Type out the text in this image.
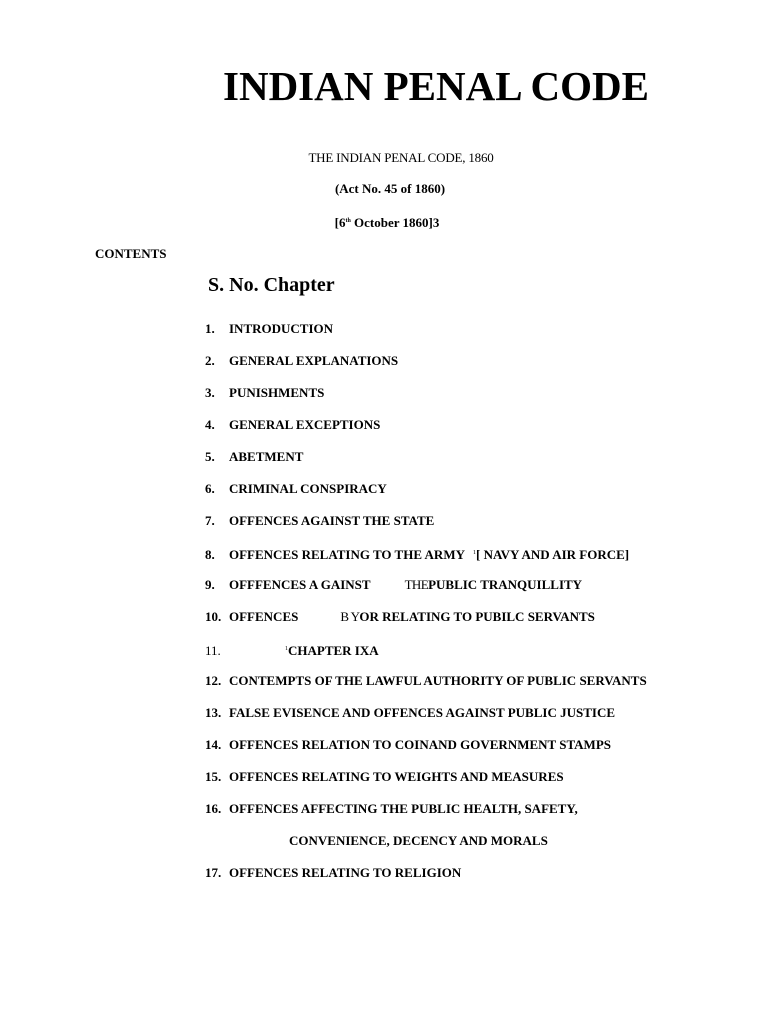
INDIAN PENAL CODE
THE INDIAN PENAL CODE, 1860
(Act No. 45 of 1860)
[6th October 1860]3
CONTENTS
S. No. Chapter
1. INTRODUCTION
2. GENERAL EXPLANATIONS
3. PUNISHMENTS
4. GENERAL EXCEPTIONS
5. ABETMENT
6. CRIMINAL CONSPIRACY
7. OFFENCES AGAINST THE STATE
8. OFFENCES RELATING TO THE ARMY $^1$[ NAVY AND AIR FORCE]
9. OFFFENCES A GAINST	THEPUBLIC TRANQUILLITY
10. OFFENCES	B YOR RELATING TO PUBILC SERVANTS
11.	$^1$CHAPTER IXA
12. CONTEMPTS OF THE LAWFUL AUTHORITY OF PUBLIC SERVANTS
13. FALSE EVISENCE AND OFFENCES AGAINST PUBLIC JUSTICE
14. OFFENCES RELATION TO COINAND GOVERNMENT STAMPS
15. OFFENCES RELATING TO WEIGHTS AND MEASURES
16. OFFENCES AFFECTING THE PUBLIC HEALTH, SAFETY,
CONVENIENCE, DECENCY AND MORALS
17. OFFENCES RELATING TO RELIGION
